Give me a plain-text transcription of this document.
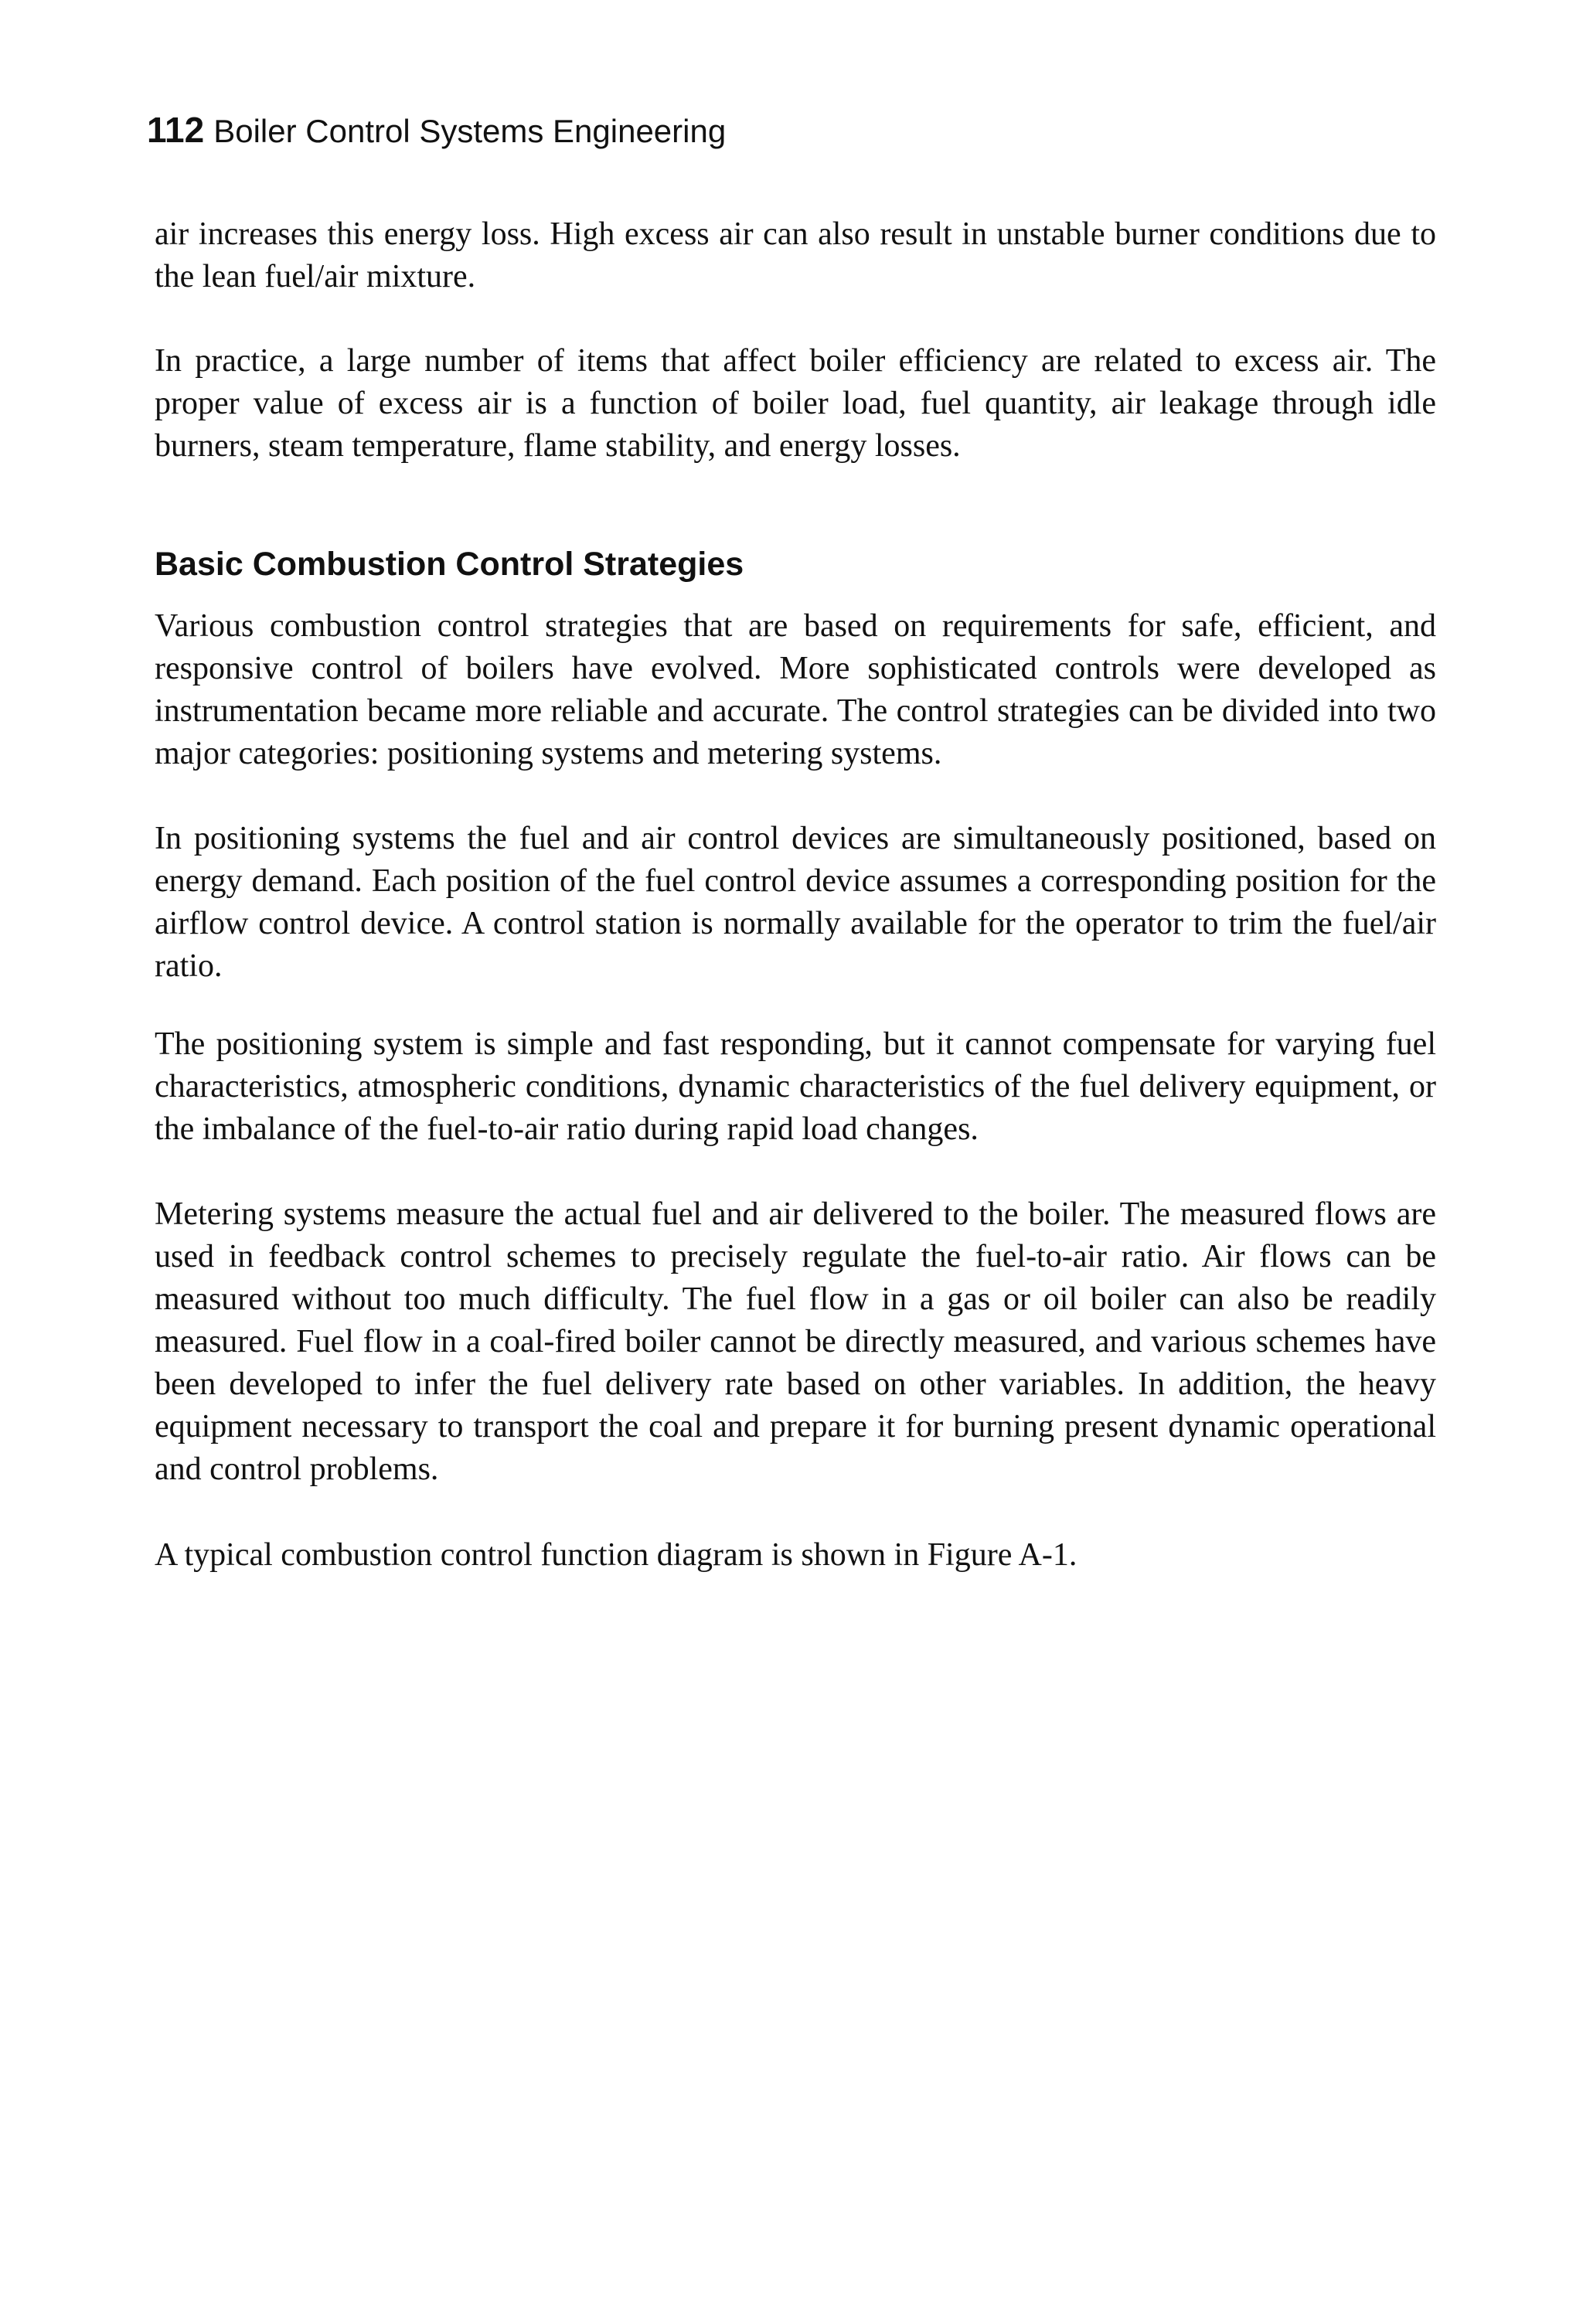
112 Boiler Control Systems Engineering

air increases this energy loss. High excess air can also result in unstable burner conditions due to the lean fuel/air mixture.

In practice, a large number of items that affect boiler efficiency are related to excess air. The proper value of excess air is a function of boiler load, fuel quantity, air leakage through idle burners, steam temperature, flame stability, and energy losses.

Basic Combustion Control Strategies

Various combustion control strategies that are based on requirements for safe, efficient, and responsive control of boilers have evolved. More sophisticated controls were developed as instrumentation became more reliable and accurate. The control strategies can be divided into two major categories: positioning systems and metering systems.

In positioning systems the fuel and air control devices are simultaneously positioned, based on energy demand. Each position of the fuel control device assumes a corresponding position for the airflow control device. A control station is normally available for the operator to trim the fuel/air ratio.

The positioning system is simple and fast responding, but it cannot compensate for varying fuel characteristics, atmospheric conditions, dynamic characteristics of the fuel delivery equipment, or the imbalance of the fuel-to-air ratio during rapid load changes.

Metering systems measure the actual fuel and air delivered to the boiler. The measured flows are used in feedback control schemes to precisely regulate the fuel-to-air ratio. Air flows can be measured without too much difficulty. The fuel flow in a gas or oil boiler can also be readily measured. Fuel flow in a coal-fired boiler cannot be directly measured, and various schemes have been developed to infer the fuel delivery rate based on other variables. In addition, the heavy equipment necessary to transport the coal and prepare it for burning present dynamic operational and control problems.

A typical combustion control function diagram is shown in Figure A-1.
